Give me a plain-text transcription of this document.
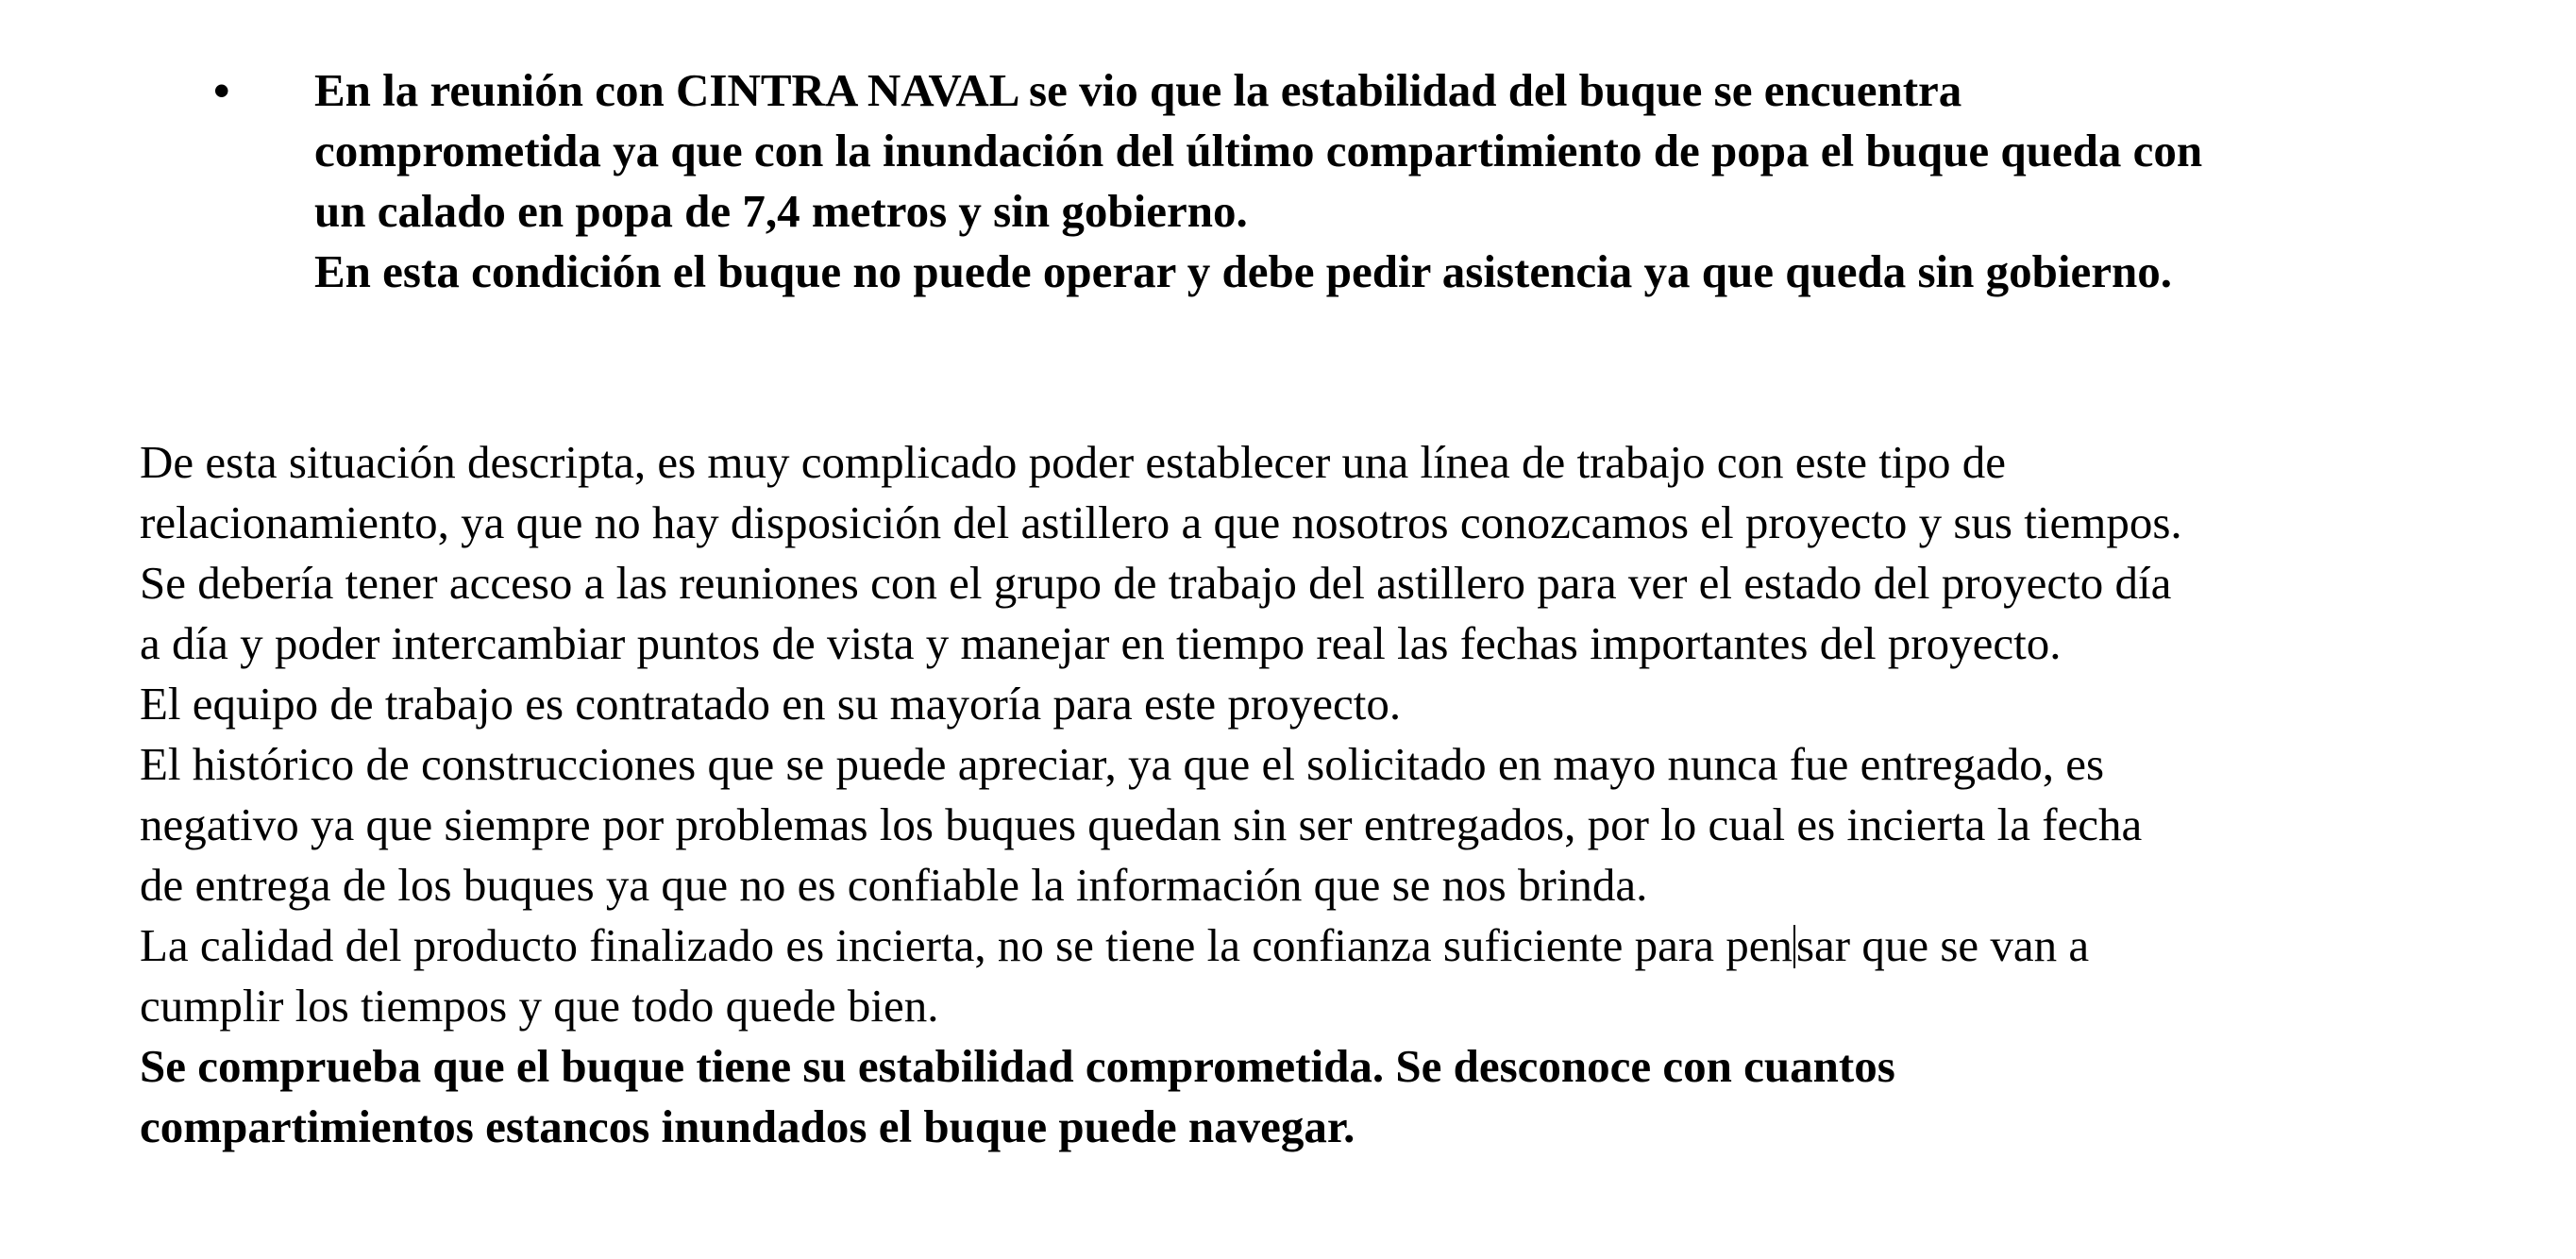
• En la reunión con CINTRA NAVAL se vio que la estabilidad del buque se encuentra
comprometida ya que con la inundación del último compartimiento de popa el buque queda con
un calado en popa de 7,4 metros y sin gobierno.
En esta condición el buque no puede operar y debe pedir asistencia ya que queda sin gobierno.
De esta situación descripta, es muy complicado poder establecer una línea de trabajo con este tipo de
relacionamiento, ya que no hay disposición del astillero a que nosotros conozcamos el proyecto y sus tiempos.
Se debería tener acceso a las reuniones con el grupo de trabajo del astillero para ver el estado del proyecto día
a día y poder intercambiar puntos de vista y manejar en tiempo real las fechas importantes del proyecto.
El equipo de trabajo es contratado en su mayoría para este proyecto.
El histórico de construcciones que se puede apreciar, ya que el solicitado en mayo nunca fue entregado, es
negativo ya que siempre por problemas los buques quedan sin ser entregados, por lo cual es incierta la fecha
de entrega de los buques ya que no es confiable la información que se nos brinda.
La calidad del producto finalizado es incierta, no se tiene la confianza suficiente para pensar que se van a
cumplir los tiempos y que todo quede bien.
Se comprueba que el buque tiene su estabilidad comprometida. Se desconoce con cuantos
compartimientos estancos inundados el buque puede navegar.
